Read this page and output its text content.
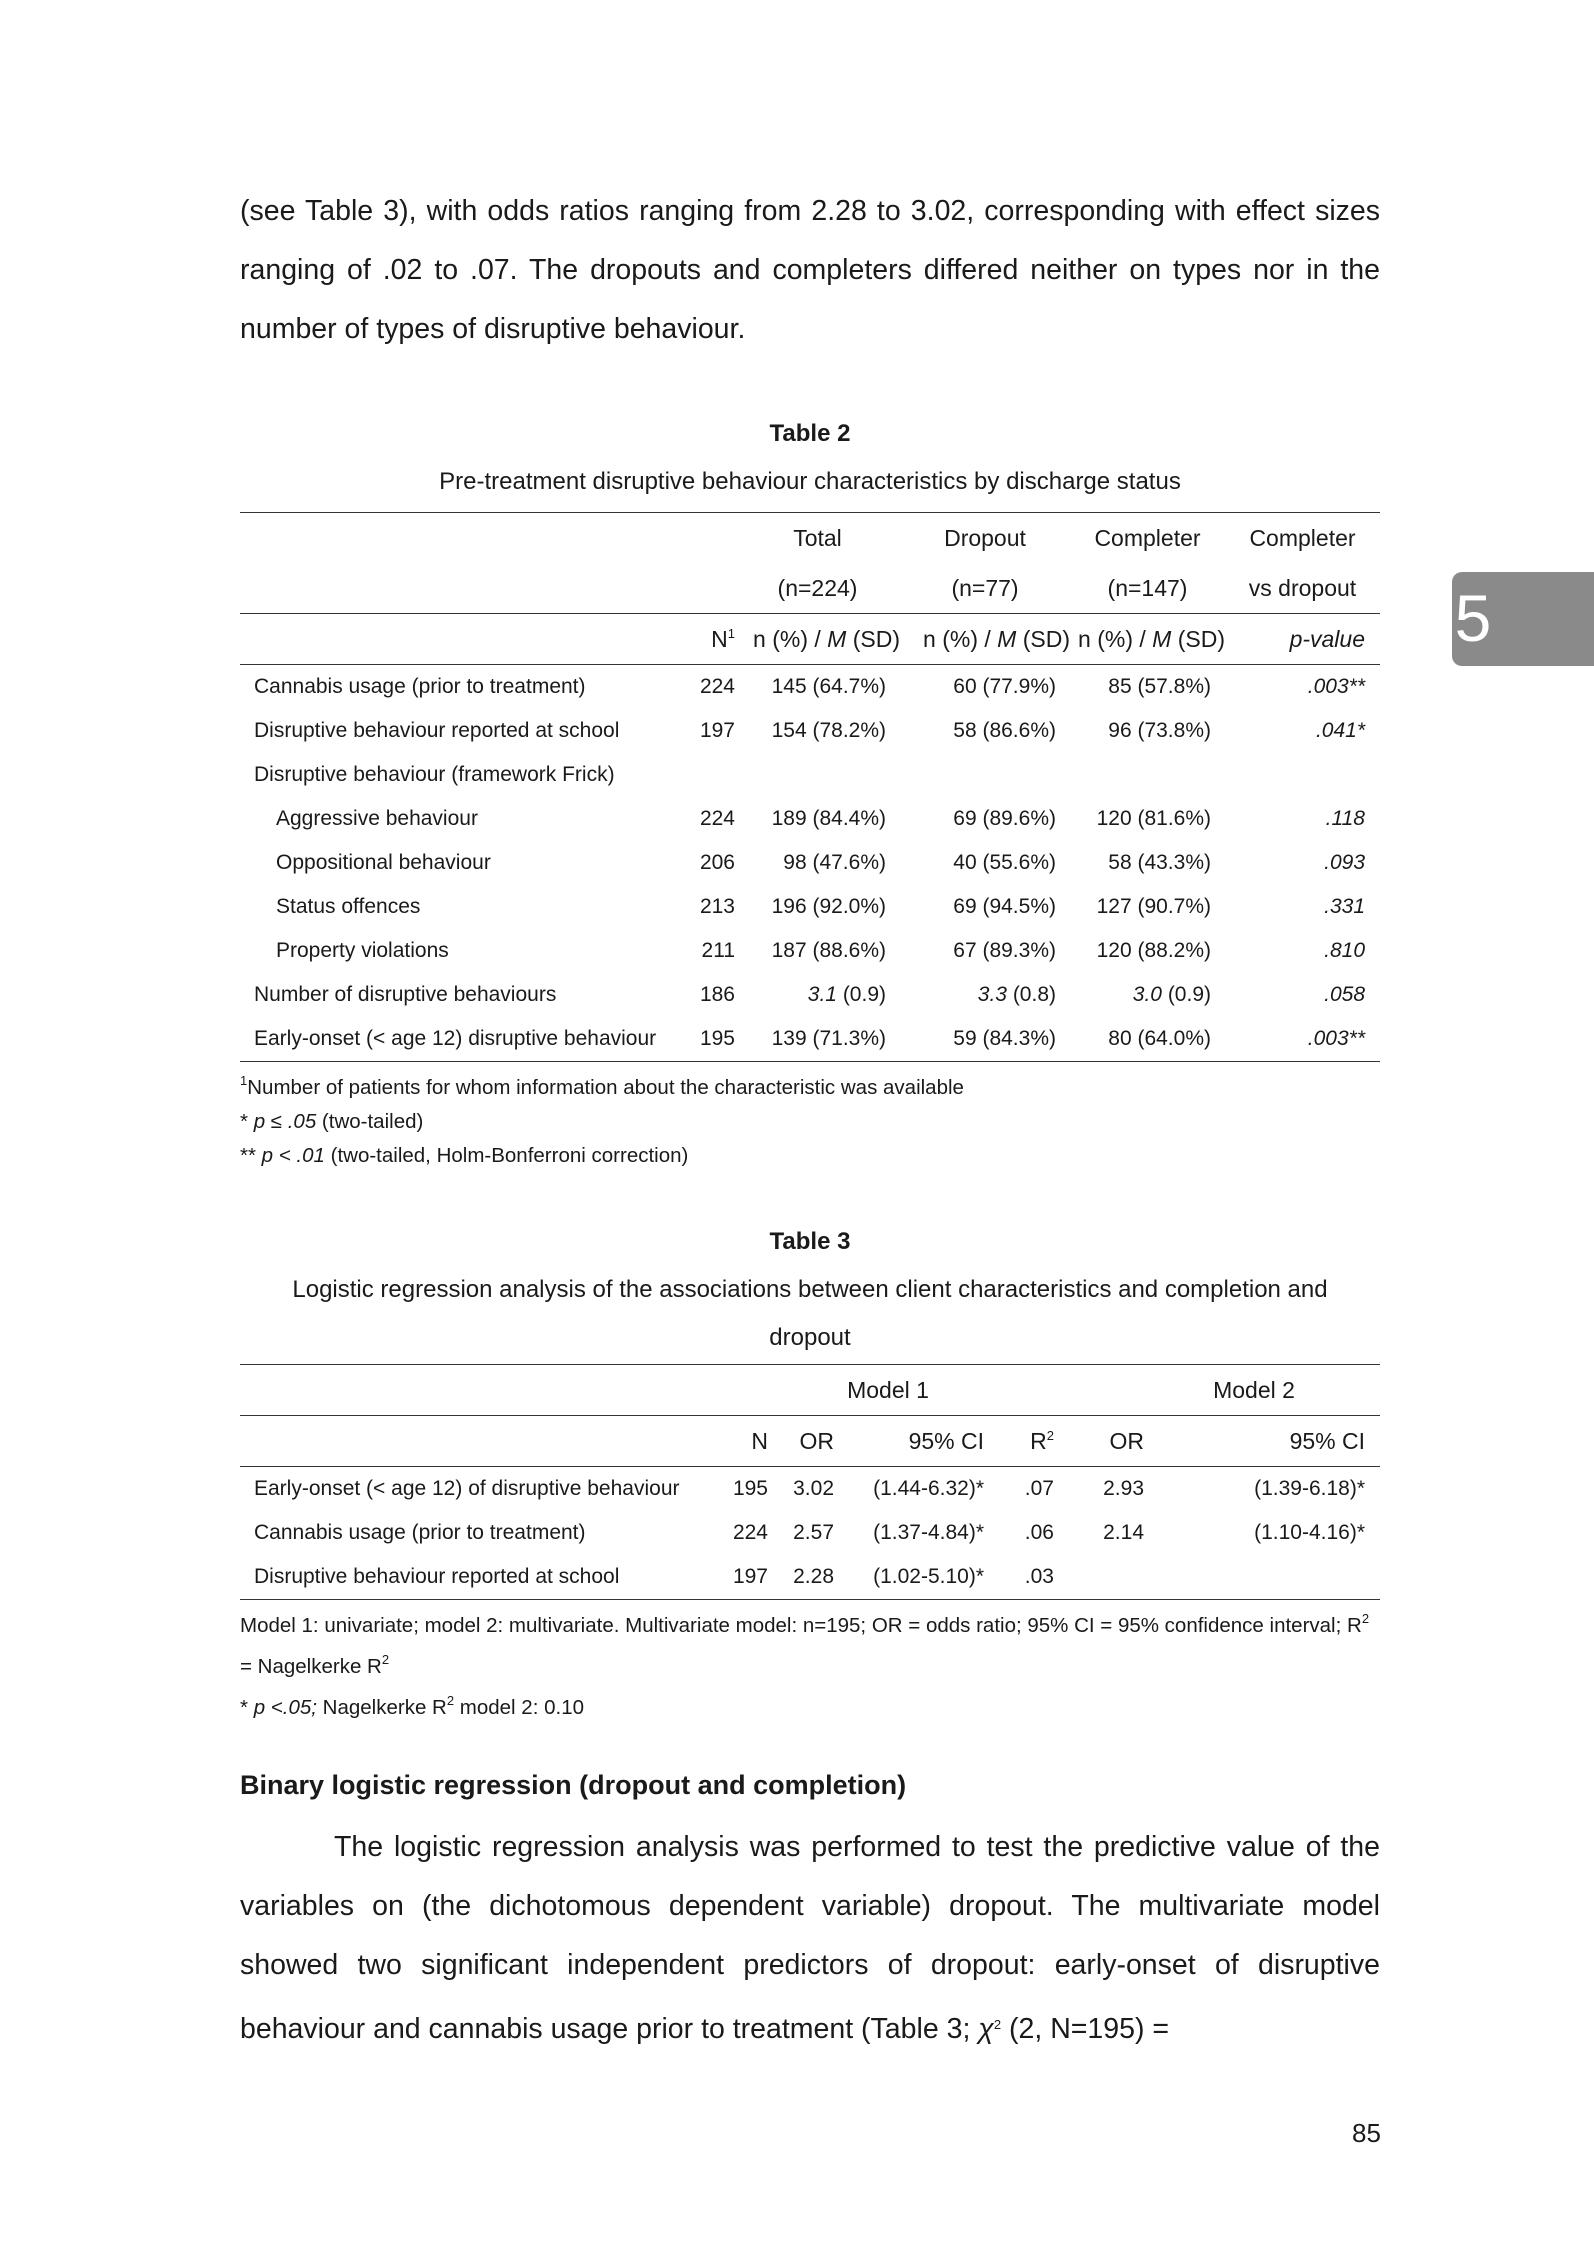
5

(see Table 3), with odds ratios ranging from 2.28 to 3.02, corresponding with effect sizes ranging of .02 to .07. The dropouts and completers differed neither on types nor in the number of types of disruptive behaviour.

Table 2

Pre-treatment disruptive behaviour characteristics by discharge status

		Total	Dropout	Completer	Completer
		(n=224)	(n=77)	(n=147)	vs dropout
	$N^1$	n (%) / M (SD)	n (%) / M (SD)	n (%) / M (SD)	p-value
Cannabis usage (prior to treatment)	224	145 (64.7%)	60 (77.9%)	85 (57.8%)	.003**
Disruptive behaviour reported at school	197	154 (78.2%)	58 (86.6%)	96 (73.8%)	.041*
Disruptive behaviour (framework Frick)					
Aggressive behaviour	224	189 (84.4%)	69 (89.6%)	120 (81.6%)	.118
Oppositional behaviour	206	98 (47.6%)	40 (55.6%)	58 (43.3%)	.093
Status offences	213	196 (92.0%)	69 (94.5%)	127 (90.7%)	.331
Property violations	211	187 (88.6%)	67 (89.3%)	120 (88.2%)	.810
Number of disruptive behaviours	186	3.1 (0.9)	3.3 (0.8)	3.0 (0.9)	.058
Early-onset (< age 12) disruptive behaviour	195	139 (71.3%)	59 (84.3%)	80 (64.0%)	.003**

$^1$Number of patients for whom information about the characteristic was available

* p ≤ .05 (two-tailed)

** p < .01 (two-tailed, Holm-Bonferroni correction)

Table 3

Logistic regression analysis of the associations between client characteristics and completion and

dropout

	Model 1				Model 2	
	N	OR	95% CI	$R^2$	OR	95% CI
Early-onset (< age 12) of disruptive behaviour	195	3.02	(1.44-6.32)*	.07	2.93	(1.39-6.18)*
Cannabis usage (prior to treatment)	224	2.57	(1.37-4.84)*	.06	2.14	(1.10-4.16)*
Disruptive behaviour reported at school	197	2.28	(1.02-5.10)*	.03		

Model 1: univariate; model 2: multivariate. Multivariate model: n=195; OR = odds ratio; 95% CI = 95% confidence interval; $R^2$ = Nagelkerke $R^2$

* p <.05; Nagelkerke $R^2$ model 2: 0.10

Binary logistic regression (dropout and completion)

The logistic regression analysis was performed to test the predictive value of the variables on (the dichotomous dependent variable) dropout. The multivariate model showed two significant independent predictors of dropout: early-onset of disruptive behaviour and cannabis usage prior to treatment (Table 3; $\chi^2$ (2, N=195) =

85
